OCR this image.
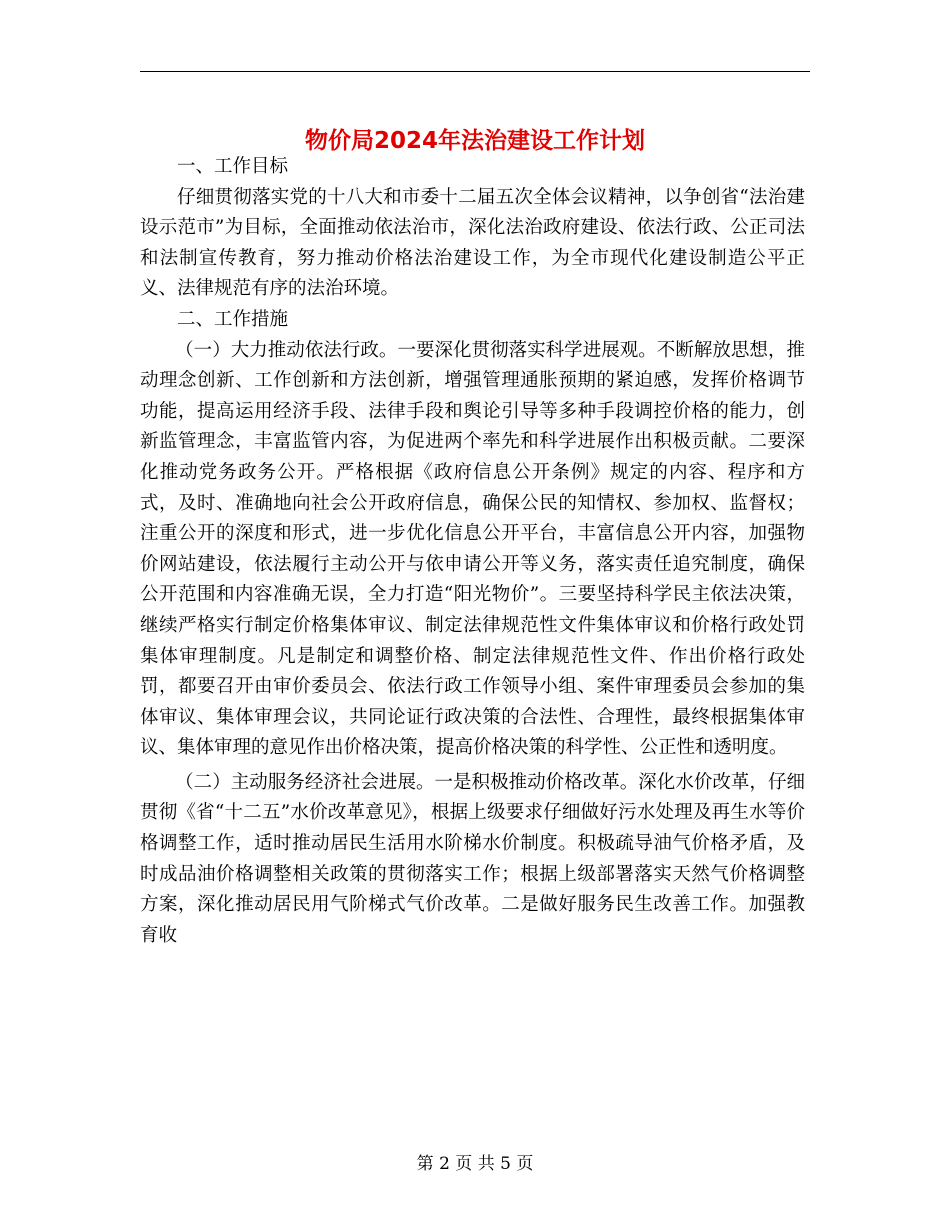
物价局2024年法治建设工作计划

一、工作目标

仔细贯彻落实党的十八大和市委十二届五次全体会议精神，以争创省“法治建设示范市”为目标，全面推动依法治市，深化法治政府建设、依法行政、公正司法和法制宣传教育，努力推动价格法治建设工作，为全市现代化建设制造公平正义、法律规范有序的法治环境。

二、工作措施

（一）大力推动依法行政。一要深化贯彻落实科学进展观。不断解放思想，推动理念创新、工作创新和方法创新，增强管理通胀预期的紧迫感，发挥价格调节功能，提高运用经济手段、法律手段和舆论引导等多种手段调控价格的能力，创新监管理念，丰富监管内容，为促进两个率先和科学进展作出积极贡献。二要深化推动党务政务公开。严格根据《政府信息公开条例》规定的内容、程序和方式，及时、准确地向社会公开政府信息，确保公民的知情权、参加权、监督权；注重公开的深度和形式，进一步优化信息公开平台，丰富信息公开内容，加强物价网站建设，依法履行主动公开与依申请公开等义务，落实责任追究制度，确保公开范围和内容准确无误，全力打造“阳光物价”。三要坚持科学民主依法决策，继续严格实行制定价格集体审议、制定法律规范性文件集体审议和价格行政处罚集体审理制度。凡是制定和调整价格、制定法律规范性文件、作出价格行政处罚，都要召开由审价委员会、依法行政工作领导小组、案件审理委员会参加的集体审议、集体审理会议，共同论证行政决策的合法性、合理性，最终根据集体审议、集体审理的意见作出价格决策，提高价格决策的科学性、公正性和透明度。

（二）主动服务经济社会进展。一是积极推动价格改革。深化水价改革，仔细贯彻《省“十二五”水价改革意见》，根据上级要求仔细做好污水处理及再生水等价格调整工作，适时推动居民生活用水阶梯水价制度。积极疏导油气价格矛盾，及时成品油价格调整相关政策的贯彻落实工作；根据上级部署落实天然气价格调整方案，深化推动居民用气阶梯式气价改革。二是做好服务民生改善工作。加强教育收

第 2 页 共 5 页
